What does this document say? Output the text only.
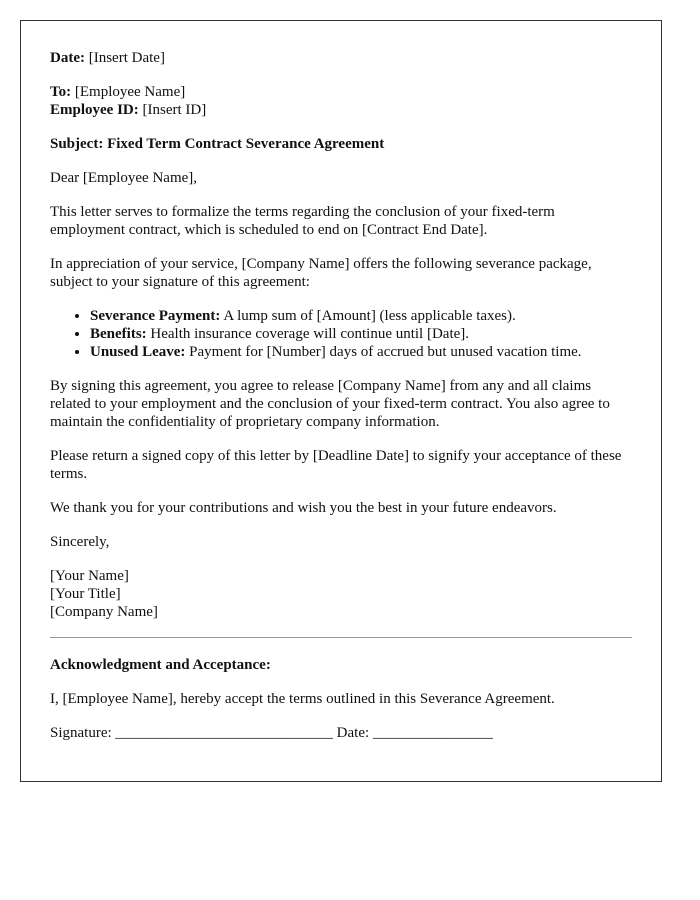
Date: [Insert Date]

To: [Employee Name]
Employee ID: [Insert ID]

Subject: Fixed Term Contract Severance Agreement

Dear [Employee Name],

This letter serves to formalize the terms regarding the conclusion of your fixed-term employment contract, which is scheduled to end on [Contract End Date].

In appreciation of your service, [Company Name] offers the following severance package, subject to your signature of this agreement:

• Severance Payment: A lump sum of [Amount] (less applicable taxes).
• Benefits: Health insurance coverage will continue until [Date].
• Unused Leave: Payment for [Number] days of accrued but unused vacation time.

By signing this agreement, you agree to release [Company Name] from any and all claims related to your employment and the conclusion of your fixed-term contract. You also agree to maintain the confidentiality of proprietary company information.

Please return a signed copy of this letter by [Deadline Date] to signify your acceptance of these terms.

We thank you for your contributions and wish you the best in your future endeavors.

Sincerely,

[Your Name]
[Your Title]
[Company Name]

Acknowledgment and Acceptance:

I, [Employee Name], hereby accept the terms outlined in this Severance Agreement.

Signature: _____________________________ Date: ________________
